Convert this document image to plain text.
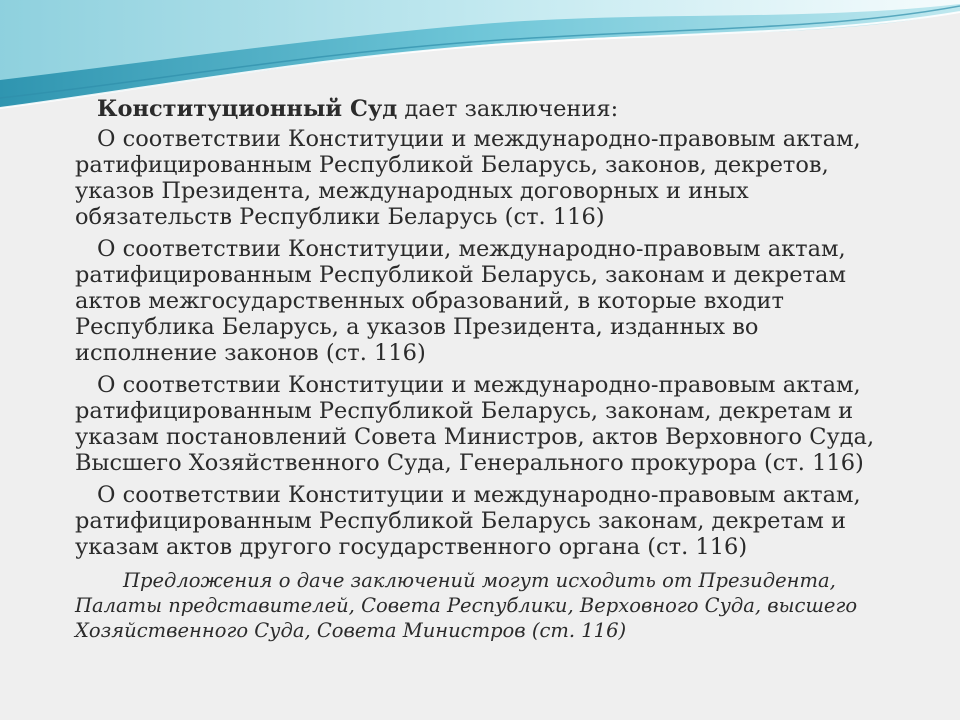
Конституционный Суд дает заключения:

О соответствии Конституции и международно-правовым актам, ратифицированным Республикой Беларусь, законов, декретов, указов Президента, международных договорных и иных обязательств Республики Беларусь (ст. 116)

О соответствии Конституции, международно-правовым актам, ратифицированным Республикой Беларусь, законам и декретам актов межгосударственных образований, в которые входит Республика Беларусь, а указов Президента, изданных во исполнение законов (ст. 116)

О соответствии Конституции и международно-правовым актам, ратифицированным Республикой Беларусь, законам, декретам и указам постановлений Совета Министров, актов Верховного Суда, Высшего Хозяйственного Суда, Генерального прокурора (ст. 116)

О соответствии Конституции и международно-правовым актам, ратифицированным Республикой Беларусь законам, декретам и указам актов другого государственного органа (ст. 116)

Предложения о даче заключений могут исходить от Президента, Палаты представителей, Совета Республики, Верховного Суда, высшего Хозяйственного Суда, Совета Министров (ст. 116)
